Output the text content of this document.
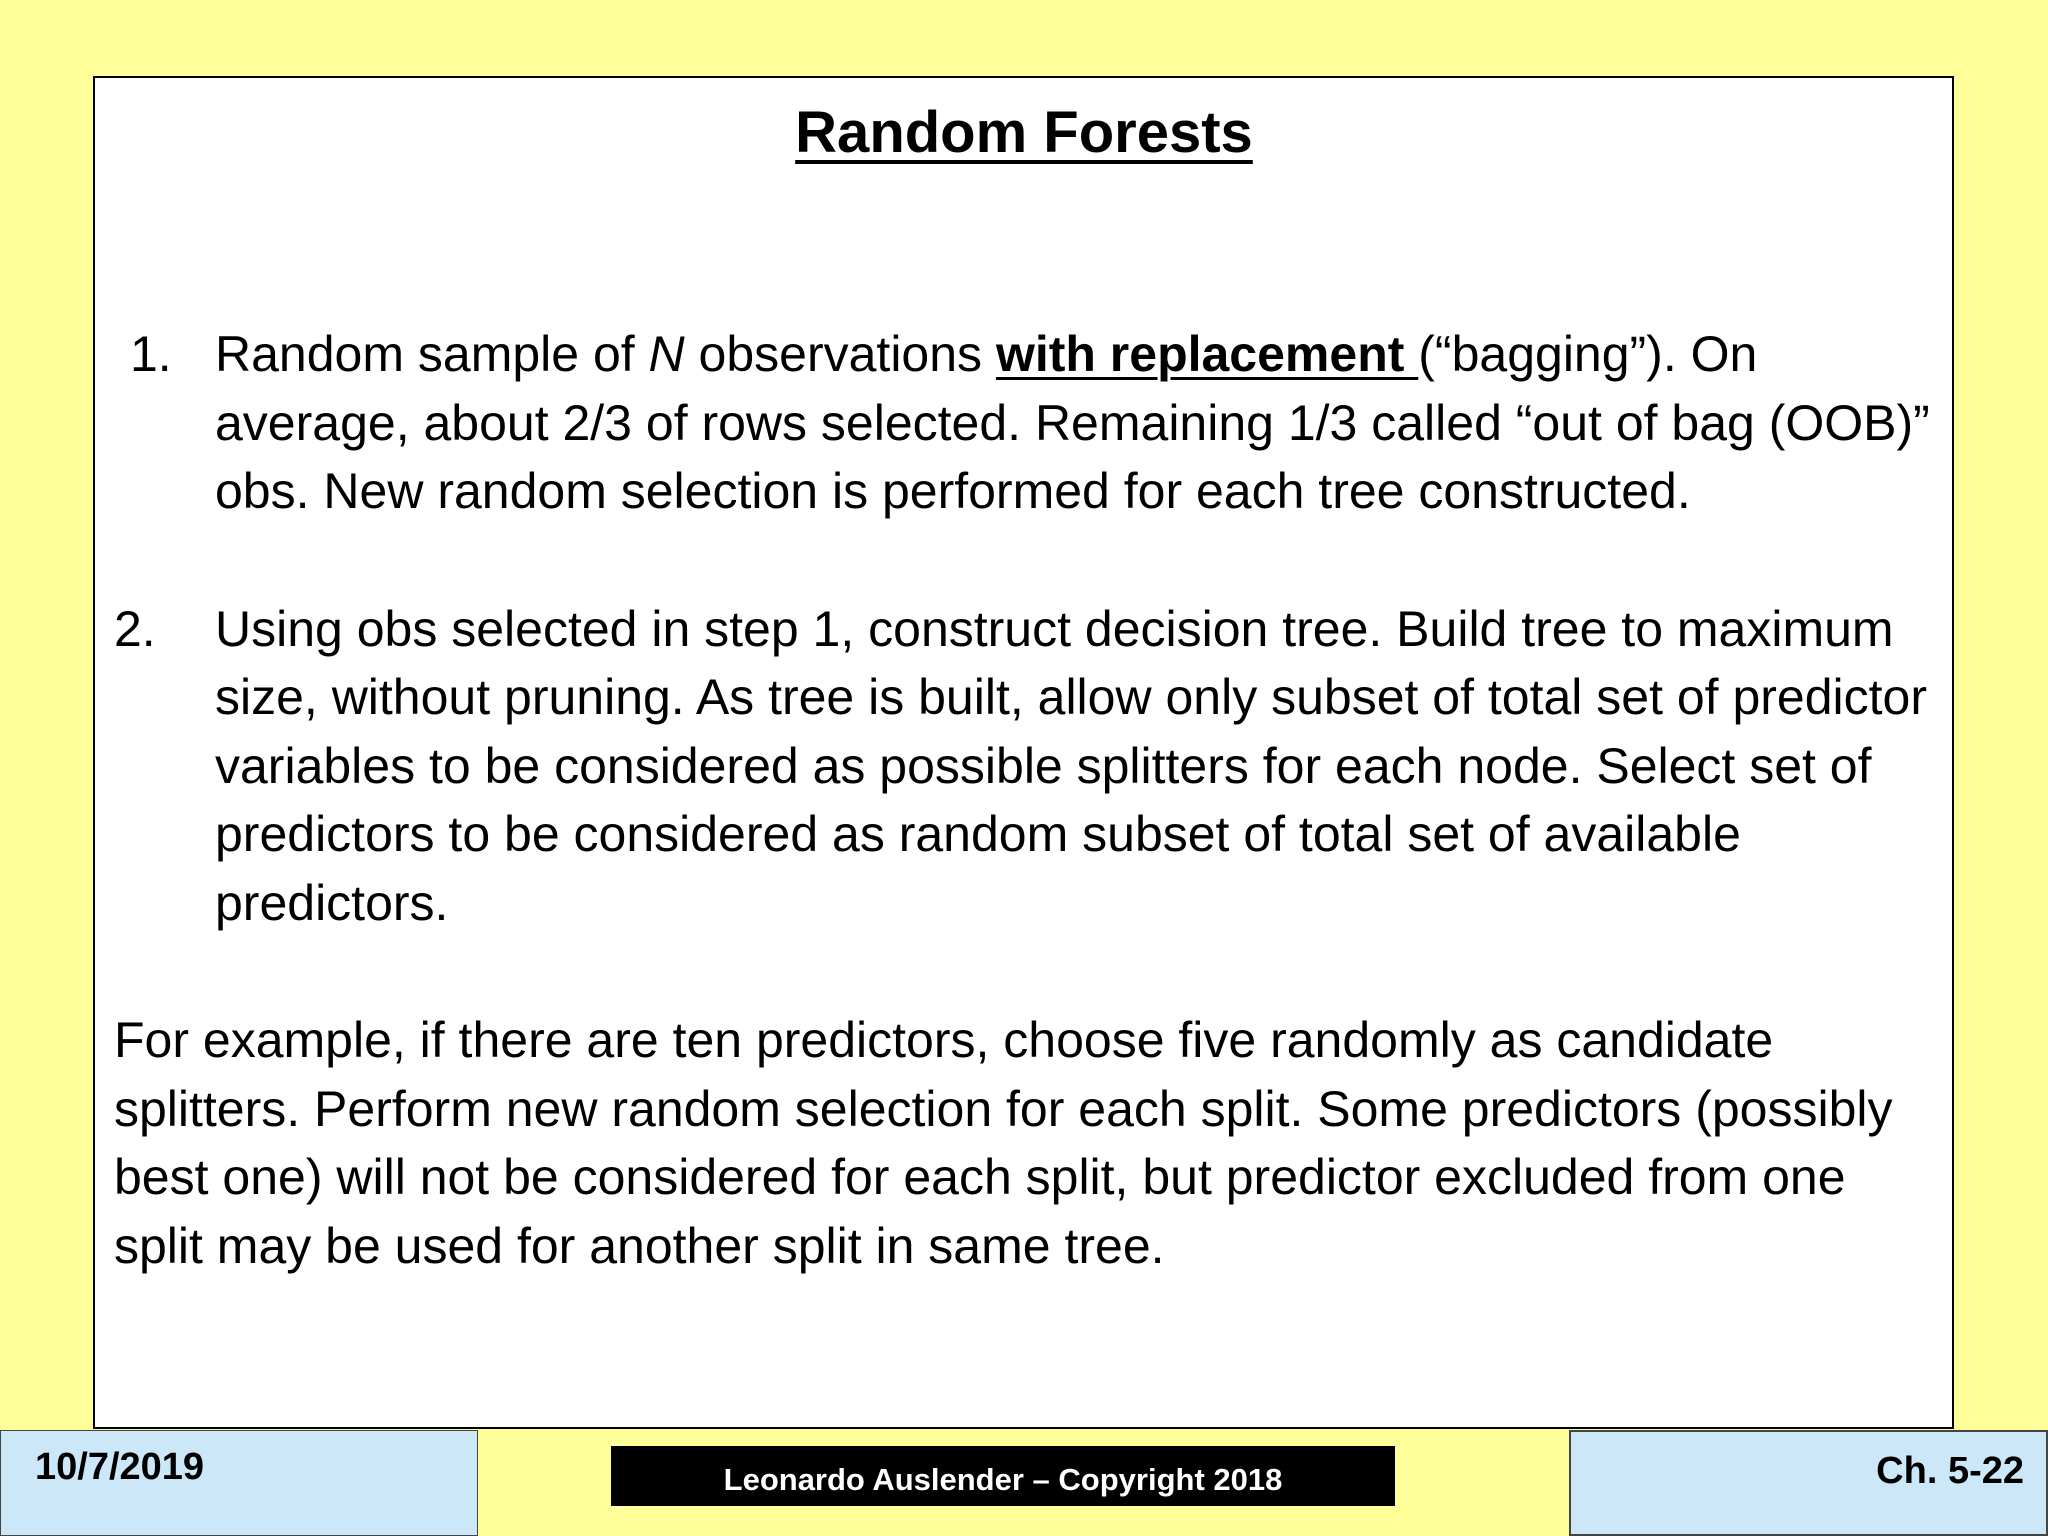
Random Forests
1. Random sample of N observations with replacement (“bagging”). On average, about 2/3 of rows selected. Remaining 1/3 called “out of bag (OOB)” obs. New random selection is performed for each tree constructed.
2. Using obs selected in step 1, construct decision tree. Build tree to maximum size, without pruning. As tree is built, allow only subset of total set of predictor variables to be considered as possible splitters for each node. Select set of predictors to be considered as random subset of total set of available predictors.
For example, if there are ten predictors, choose five randomly as candidate splitters. Perform new random selection for each split. Some predictors (possibly best one) will not be considered for each split, but predictor excluded from one split may be used for another split in same tree.
10/7/2019	Leonardo Auslender – Copyright 2018	Ch. 5-22
